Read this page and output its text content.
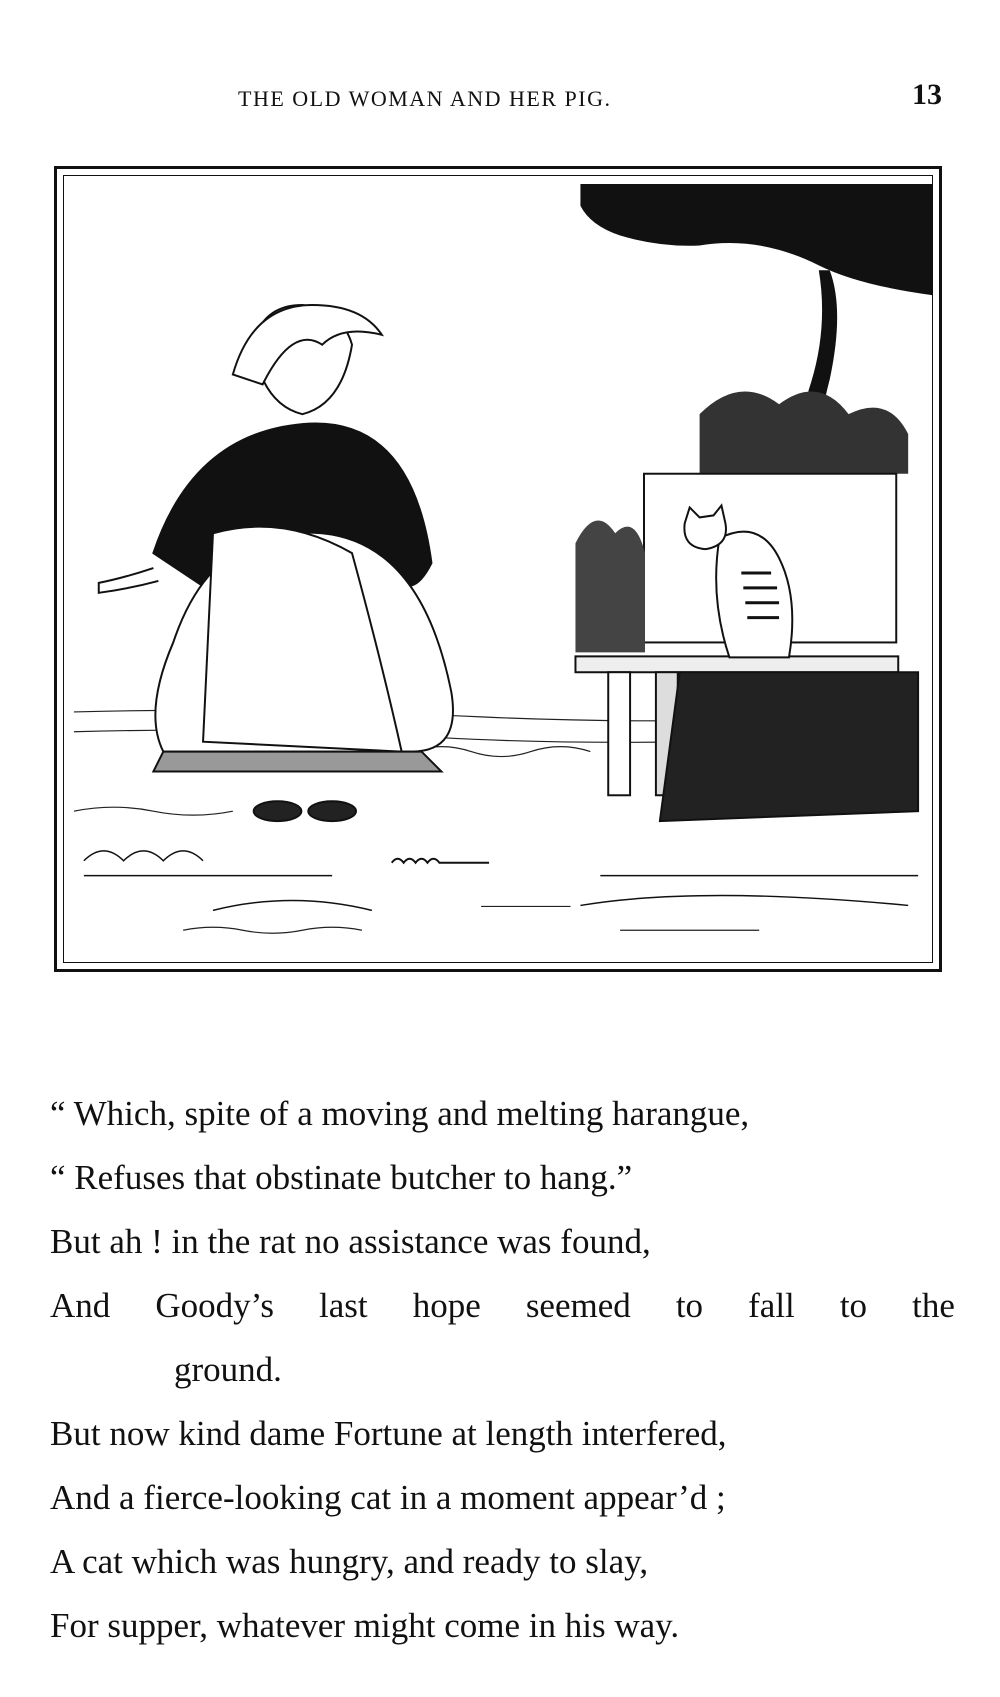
THE OLD WOMAN AND HER PIG.	13
“ Which, spite of a moving and melting harangue,
“ Refuses that obstinate butcher to hang.”
But ah ! in the rat no assistance was found,
And Goody’s last hope seemed to fall to the
ground.
But now kind dame Fortune at length interfered,
And a fierce-looking cat in a moment appear’d ;
A cat which was hungry, and ready to slay,
For supper, whatever might come in his way.
